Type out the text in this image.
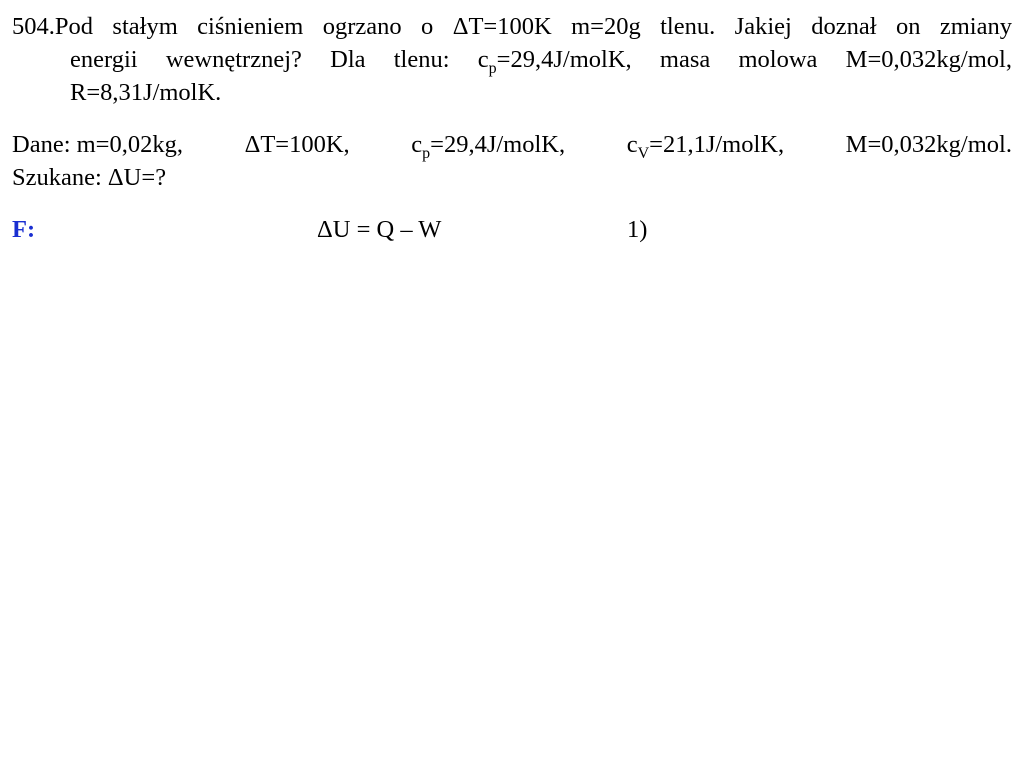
504.Pod stałym ciśnieniem ogrzano o ΔT=100K m=20g tlenu. Jakiej doznał on zmiany
energii wewnętrznej? Dla tlenu: $c_p=29,4J$/molK, masa molowa M=0,032kg/mol,
R=8,31J/molK.
Dane: m=0,02kg,	ΔT=100K,	$c_p=29,4J$/molK,	$c_V=21,1J$/molK,	M=0,032kg/mol.
Szukane: ΔU=?
F:	ΔU = Q – W	1)
